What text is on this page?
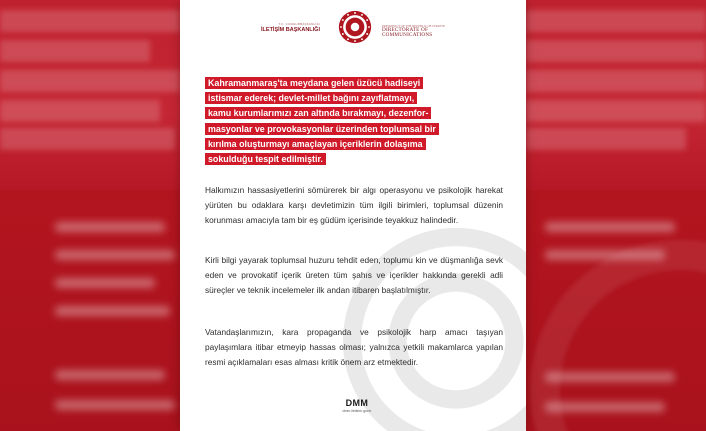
T.C. CUMHURBAŞKANLIĞI
İLETİŞİM BAŞKANLIĞI
PRESIDENCY OF THE REPUBLIC OF TÜRKİYE
DIRECTORATE OF
COMMUNICATIONS
Kahramanmaraş'ta meydana gelen üzücü hadiseyi
istismar ederek; devlet-millet bağını zayıflatmayı,
kamu kurumlarımızı zan altında bırakmayı, dezenfor-
masyonlar ve provokasyonlar üzerinden toplumsal bir
kırılma oluşturmayı amaçlayan içeriklerin dolaşıma
sokulduğu tespit edilmiştir.
Halkımızın hassasiyetlerini sömürerek bir algı operasyonu ve psikolojik harekat yürüten bu odaklara karşı devletimizin tüm ilgili birimleri, toplumsal düzenin korunması amacıyla tam bir eş güdüm içerisinde teyakkuz halindedir.
Kirli bilgi yayarak toplumsal huzuru tehdit eden, toplumu kin ve düşmanlığa sevk eden ve provokatif içerik üreten tüm şahıs ve içerikler hakkında gerekli adli süreçler ve teknik incelemeler ilk andan itibaren başlatılmıştır.
Vatandaşlarımızın, kara propaganda ve psikolojik harp amacı taşıyan paylaşımlara itibar etmeyip hassas olması; yalnızca yetkili makamlarca yapılan resmi açıklamaları esas alması kritik önem arz etmektedir.
DMM
dmm.iletisim.gov.tr
